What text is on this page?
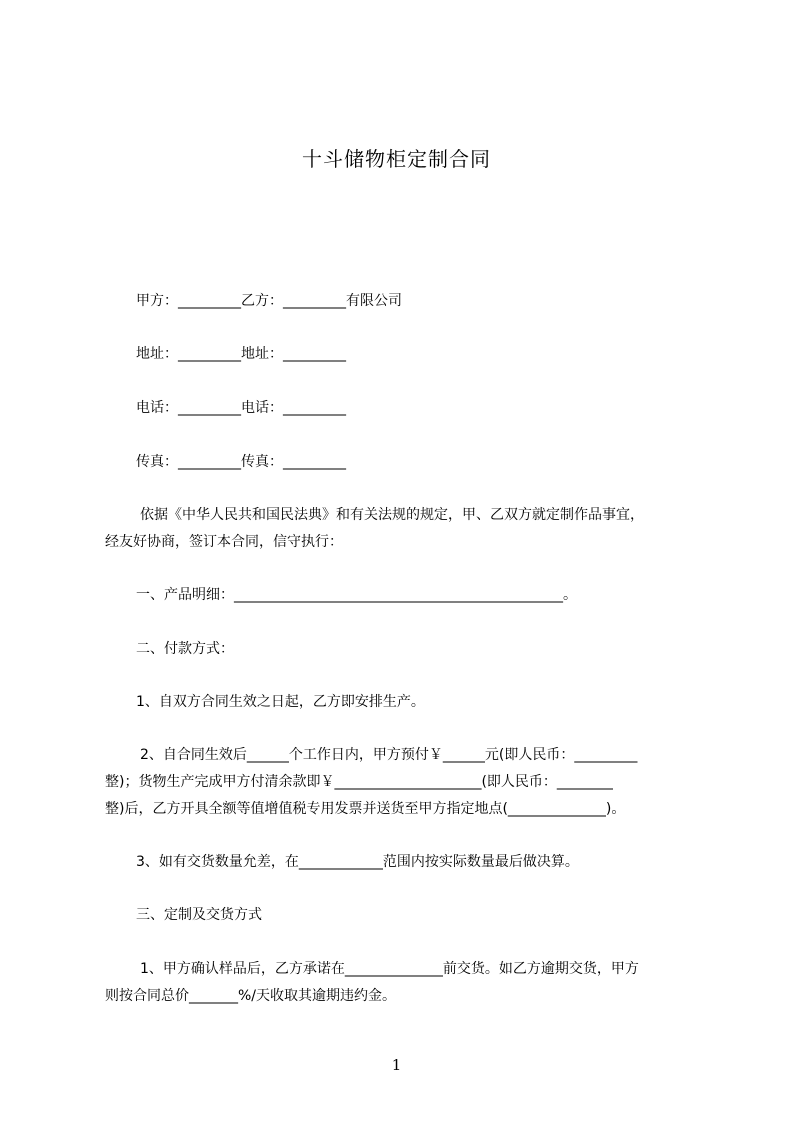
十斗储物柜定制合同
甲方：_________乙方：_________有限公司
地址：_________地址：_________
电话：_________电话：_________
传真：_________传真：_________
依据《中华人民共和国民法典》和有关法规的规定，甲、乙双方就定制作品事宜，
经友好协商，签订本合同，信守执行：
一、产品明细：_______________________________________________。
二、付款方式：
1、自双方合同生效之日起，乙方即安排生产。
2、自合同生效后______个工作日内，甲方预付￥______元(即人民币：_________
整)；货物生产完成甲方付清余款即￥_____________________(即人民币：________
整)后，乙方开具全额等值增值税专用发票并送货至甲方指定地点(______________)。
3、如有交货数量允差，在____________范围内按实际数量最后做决算。
三、定制及交货方式
1、甲方确认样品后，乙方承诺在______________前交货。如乙方逾期交货，甲方
则按合同总价_______%/天收取其逾期违约金。
1
